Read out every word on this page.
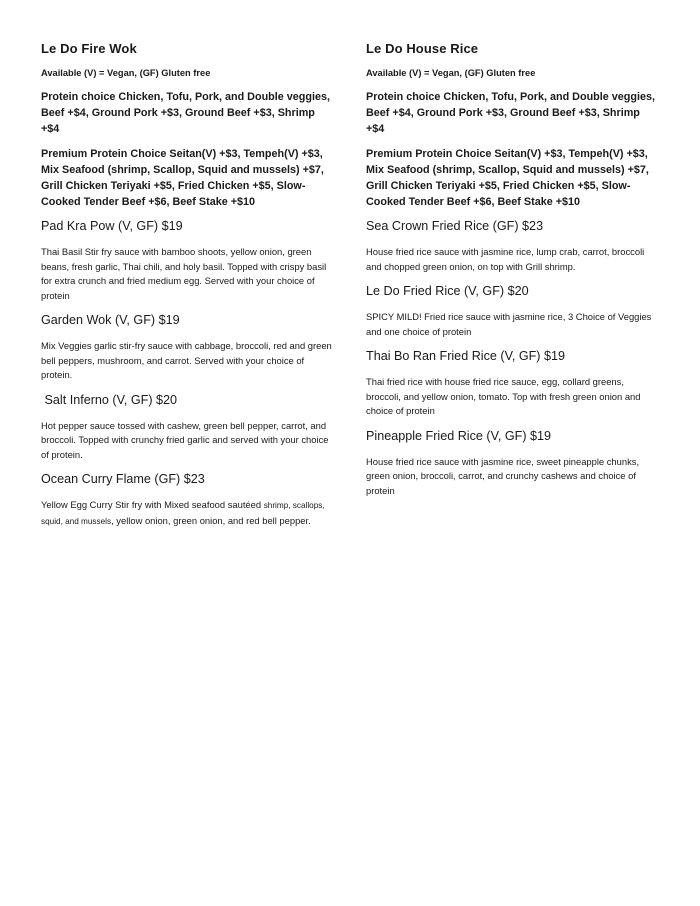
Le Do Fire Wok
Available (V) = Vegan, (GF) Gluten free
Protein choice Chicken, Tofu, Pork, and Double veggies, Beef +$4, Ground Pork +$3, Ground Beef +$3, Shrimp +$4
Premium Protein Choice Seitan(V) +$3, Tempeh(V) +$3, Mix Seafood (shrimp, Scallop, Squid and mussels) +$7, Grill Chicken Teriyaki +$5, Fried Chicken +$5, Slow-Cooked Tender Beef +$6, Beef Stake +$10
Pad Kra Pow (V, GF) $19

Thai Basil Stir fry sauce with bamboo shoots, yellow onion, green beans, fresh garlic, Thai chili, and holy basil. Topped with crispy basil for extra crunch and fried medium egg. Served with your choice of protein

Garden Wok (V, GF) $19

Mix Veggies garlic stir-fry sauce with cabbage, broccoli, red and green bell peppers, mushroom, and carrot. Served with your choice of protein.

Salt Inferno (V, GF) $20

Hot pepper sauce tossed with cashew, green bell pepper, carrot, and broccoli. Topped with crunchy fried garlic and served with your choice of protein.

Ocean Curry Flame (GF) $23

Yellow Egg Curry Stir fry with Mixed seafood sautéed shrimp, scallops, squid, and mussels, yellow onion, green onion, and red bell pepper.

Le Do House Rice
Available (V) = Vegan, (GF) Gluten free
Protein choice Chicken, Tofu, Pork, and Double veggies, Beef +$4, Ground Pork +$3, Ground Beef +$3, Shrimp +$4
Premium Protein Choice Seitan(V) +$3, Tempeh(V) +$3, Mix Seafood (shrimp, Scallop, Squid and mussels) +$7, Grill Chicken Teriyaki +$5, Fried Chicken +$5, Slow-Cooked Tender Beef +$6, Beef Stake +$10
Sea Crown Fried Rice (GF) $23

House fried rice sauce with jasmine rice, lump crab, carrot, broccoli and chopped green onion, on top with Grill shrimp.

Le Do Fried Rice (V, GF) $20

SPICY MILD! Fried rice sauce with jasmine rice, 3 Choice of Veggies and one choice of protein

Thai Bo Ran Fried Rice (V, GF) $19

Thai fried rice with house fried rice sauce, egg, collard greens, broccoli, and yellow onion, tomato. Top with fresh green onion and choice of protein

Pineapple Fried Rice (V, GF) $19

House fried rice sauce with jasmine rice, sweet pineapple chunks, green onion, broccoli, carrot, and crunchy cashews and choice of protein
